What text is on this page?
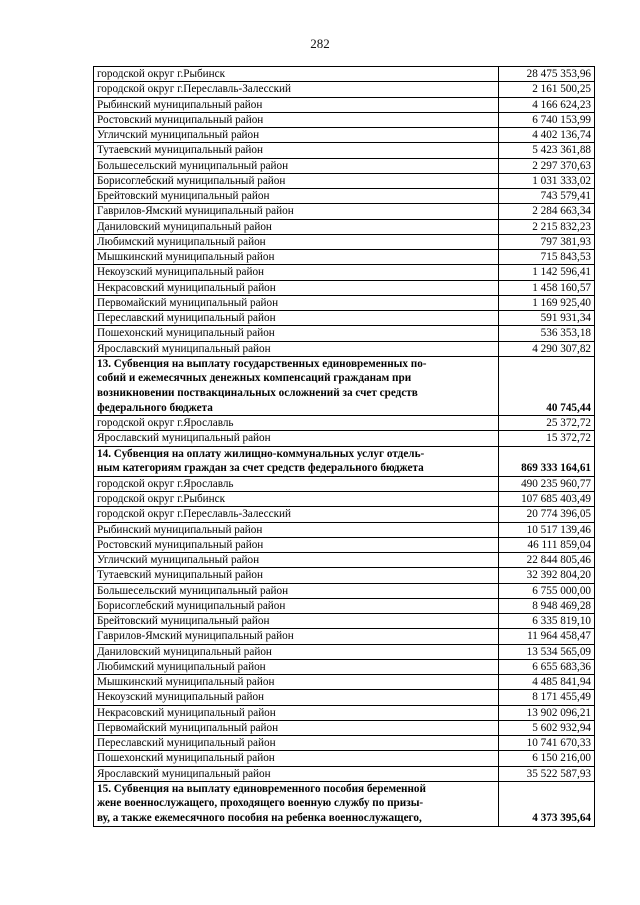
282
городской округ г.Рыбинск	28 475 353,96
городской округ г.Переславль-Залесский	2 161 500,25
Рыбинский муниципальный район	4 166 624,23
Ростовский муниципальный район	6 740 153,99
Угличский муниципальный район	4 402 136,74
Тутаевский муниципальный район	5 423 361,88
Большесельский муниципальный район	2 297 370,63
Борисоглебский муниципальный район	1 031 333,02
Брейтовский муниципальный район	743 579,41
Гаврилов-Ямский муниципальный район	2 284 663,34
Даниловский муниципальный район	2 215 832,23
Любимский муниципальный район	797 381,93
Мышкинский муниципальный район	715 843,53
Некоузский муниципальный район	1 142 596,41
Некрасовский муниципальный район	1 458 160,57
Первомайский муниципальный район	1 169 925,40
Переславский муниципальный район	591 931,34
Пошехонский муниципальный район	536 353,18
Ярославский муниципальный район	4 290 307,82

13. Субвенция на выплату государственных единовременных по-
собий и ежемесячных денежных компенсаций гражданам при
возникновении поствакцинальных осложнений за счет средств
федерального бюджета	40 745,44
городской округ г.Ярославль	25 372,72
Ярославский муниципальный район	15 372,72

14. Субвенция на оплату жилищно-коммунальных услуг отдель-
ным категориям граждан за счет средств федерального бюджета	869 333 164,61
городской округ г.Ярославль	490 235 960,77
городской округ г.Рыбинск	107 685 403,49
городской округ г.Переславль-Залесский	20 774 396,05
Рыбинский муниципальный район	10 517 139,46
Ростовский муниципальный район	46 111 859,04
Угличский муниципальный район	22 844 805,46
Тутаевский муниципальный район	32 392 804,20
Большесельский муниципальный район	6 755 000,00
Борисоглебский муниципальный район	8 948 469,28
Брейтовский муниципальный район	6 335 819,10
Гаврилов-Ямский муниципальный район	11 964 458,47
Даниловский муниципальный район	13 534 565,09
Любимский муниципальный район	6 655 683,36
Мышкинский муниципальный район	4 485 841,94
Некоузский муниципальный район	8 171 455,49
Некрасовский муниципальный район	13 902 096,21
Первомайский муниципальный район	5 602 932,94
Переславский муниципальный район	10 741 670,33
Пошехонский муниципальный район	6 150 216,00
Ярославский муниципальный район	35 522 587,93

15. Субвенция на выплату единовременного пособия беременной
жене военнослужащего, проходящего военную службу по призы-
ву, а также ежемесячного пособия на ребенка военнослужащего,	4 373 395,64
